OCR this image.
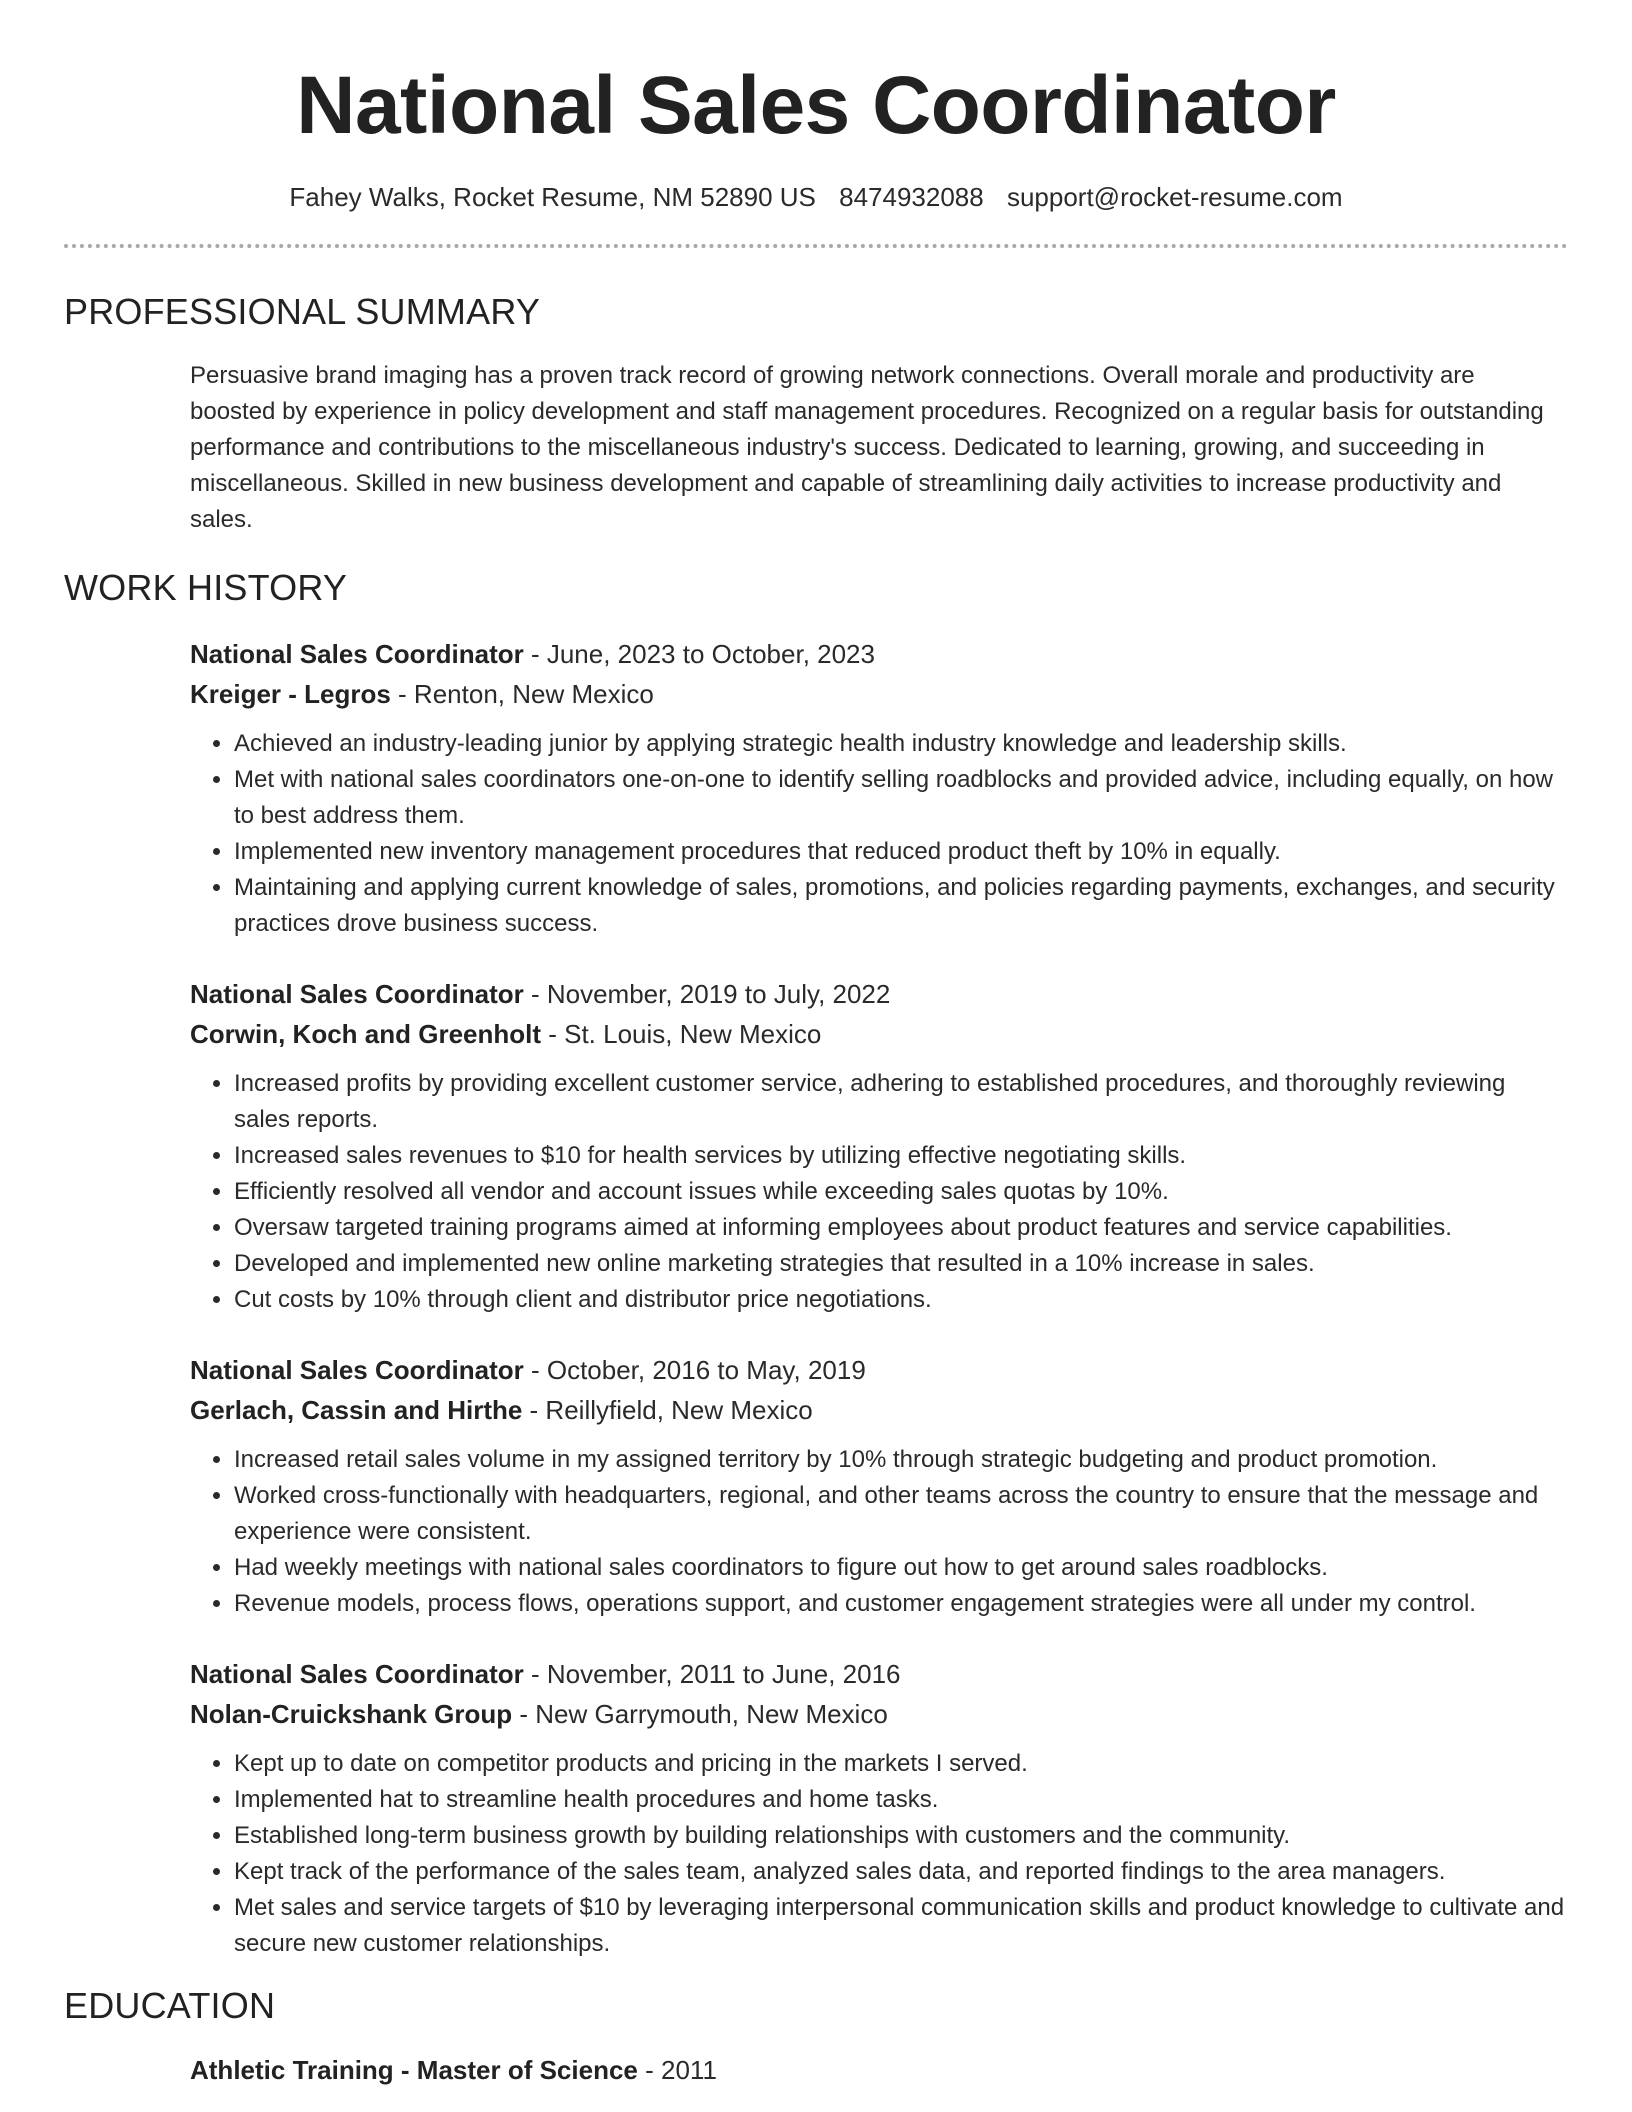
National Sales Coordinator
Fahey Walks, Rocket Resume, NM 52890 US 8474932088 support@rocket-resume.com
PROFESSIONAL SUMMARY

Persuasive brand imaging has a proven track record of growing network connections. Overall morale and productivity are boosted by experience in policy development and staff management procedures. Recognized on a regular basis for outstanding performance and contributions to the miscellaneous industry's success. Dedicated to learning, growing, and succeeding in miscellaneous. Skilled in new business development and capable of streamlining daily activities to increase productivity and sales.

WORK HISTORY
National Sales Coordinator - June, 2023 to October, 2023
Kreiger - Legros - Renton, New Mexico
• Achieved an industry-leading junior by applying strategic health industry knowledge and leadership skills.
• Met with national sales coordinators one-on-one to identify selling roadblocks and provided advice, including equally, on how to best address them.
• Implemented new inventory management procedures that reduced product theft by 10% in equally.
• Maintaining and applying current knowledge of sales, promotions, and policies regarding payments, exchanges, and security practices drove business success.
National Sales Coordinator - November, 2019 to July, 2022
Corwin, Koch and Greenholt - St. Louis, New Mexico
• Increased profits by providing excellent customer service, adhering to established procedures, and thoroughly reviewing sales reports.
• Increased sales revenues to $10 for health services by utilizing effective negotiating skills.
• Efficiently resolved all vendor and account issues while exceeding sales quotas by 10%.
• Oversaw targeted training programs aimed at informing employees about product features and service capabilities.
• Developed and implemented new online marketing strategies that resulted in a 10% increase in sales.
• Cut costs by 10% through client and distributor price negotiations.
National Sales Coordinator - October, 2016 to May, 2019
Gerlach, Cassin and Hirthe - Reillyfield, New Mexico
• Increased retail sales volume in my assigned territory by 10% through strategic budgeting and product promotion.
• Worked cross-functionally with headquarters, regional, and other teams across the country to ensure that the message and experience were consistent.
• Had weekly meetings with national sales coordinators to figure out how to get around sales roadblocks.
• Revenue models, process flows, operations support, and customer engagement strategies were all under my control.
National Sales Coordinator - November, 2011 to June, 2016
Nolan-Cruickshank Group - New Garrymouth, New Mexico
• Kept up to date on competitor products and pricing in the markets I served.
• Implemented hat to streamline health procedures and home tasks.
• Established long-term business growth by building relationships with customers and the community.
• Kept track of the performance of the sales team, analyzed sales data, and reported findings to the area managers.
• Met sales and service targets of $10 by leveraging interpersonal communication skills and product knowledge to cultivate and secure new customer relationships.
EDUCATION
Athletic Training - Master of Science - 2011
